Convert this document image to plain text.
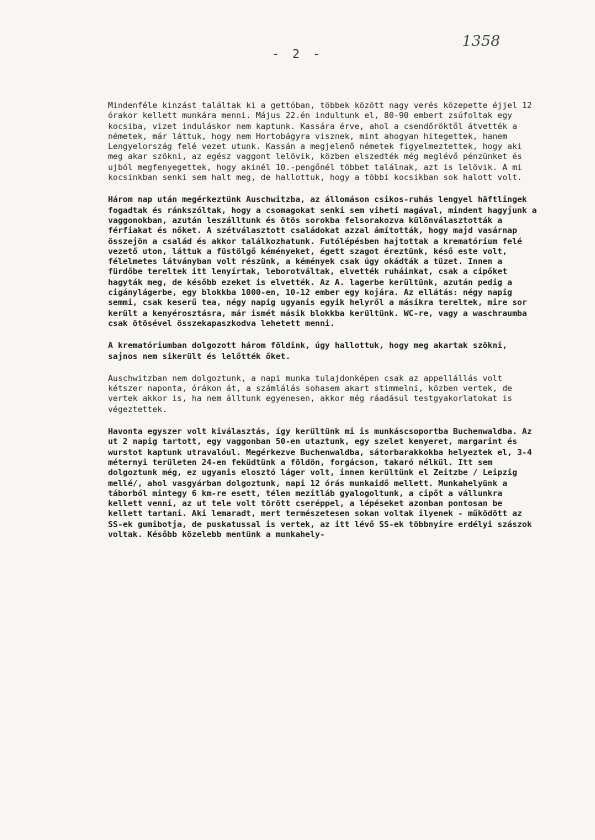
1358
- 2 -

Mindenféle kinzást találtak ki a gettóban, többek között nagy verés közepette éjjel 12 órakor kellett munkára menni. Május 22.én indultunk el, 80-90 embert zsúfoltak egy kocsiba, vizet induláskor nem kaptunk. Kassára érve, ahol a csendőröktől átvették a németek, már láttuk, hogy nem Hortobágyra visznek, mint ahogyan hitegettek, hanem Lengyelország felé vezet utunk. Kassán a megjelenő németek figyelmeztettek, hogy aki meg akar szökni, az egész vaggont lelövik, közben elszedték még meglévő pénzünket és ujból megfenyegettek, hogy akinél 10.-pengőnél többet találnak, azt is lelövik. A mi kocsinkban senki sem halt meg, de hallottuk, hogy a többi kocsikban sok halott volt.

Három nap után megérkeztünk Auschwitzba, az állomáson csikos-ruhás lengyel häftlingek fogadtak és ránkszóltak, hogy a csomagokat senki sem viheti magával, mindent hagyjunk a vaggonokban, azután leszálltunk és ötös sorokba felsorakozva különválasztották a férfiakat és nőket. A szétválasztott családokat azzal ámították, hogy majd vasárnap összejön a család és akkor találkozhatunk. Futólépésben hajtottak a krematórium felé vezető uton, láttuk a füstölgő kéményeket, égett szagot éreztünk, késő este volt, félelmetes látványban volt részünk, a kémények csak úgy okádták a tüzet. Innen a fürdőbe tereltek itt lenyírtak, leborotváltak, elvették ruháinkat, csak a cipőket hagyták meg, de később ezeket is elvették. Az A. lagerbe kerültünk, azután pedig a cigánylágerbe, egy blokkba 1000-en, 10-12 ember egy kojára. Az ellátás: négy napig semmi, csak keserű tea, négy napig ugyanis egyik helyről a másikra tereltek, mire sor került a kenyérosztásra, már ismét másik blokkba kerültünk. WC-re, vagy a waschraumba csak ötösével összekapaszkodva lehetett menni.

A krematóriumban dolgozott három földink, úgy hallottuk, hogy meg akartak szökni, sajnos nem sikerült és lelőtték őket.

Auschwitzban nem dolgoztunk, a napi munka tulajdonképen csak az appellállás volt kétszer naponta, órákon át, a számlálás sohasem akart stimmelni, közben vertek, de vertek akkor is, ha nem álltunk egyenesen, akkor még ráadásul testgyakorlatokat is végeztettek.

Havonta egyszer volt kiválasztás, így kerültünk mi is munkáscsoportba Buchenwaldba. Az ut 2 napig tartott, egy vaggonban 50-en utaztunk, egy szelet kenyeret, margarint és wurstot kaptunk utravalóul. Megérkezve Buchenwaldba, sátorbarakkokba helyeztek el, 3-4 méternyi területen 24-en feküdtünk a földön, forgácson, takaró nélkül. Itt sem dolgoztunk még, ez ugyanis elosztó láger volt, innen kerültünk el Zeitzbe / Leipzig mellé/, ahol vasgyárban dolgoztunk, napi 12 órás munkaidő mellett. Munkahelyünk a táborból mintegy 6 km-re esett, télen mezitláb gyalogoltunk, a cipőt a vállunkra kellett venni, az ut tele volt törött cseréppel, a lépéseket azonban pontosan be kellett tartani. Aki lemaradt, mert természetesen sokan voltak ilyenek - működött az SS-ek gumibotja, de puskatussal is vertek, az itt lévő SS-ek többnyire erdélyi szászok voltak. Később közelebb mentünk a munkahely-
